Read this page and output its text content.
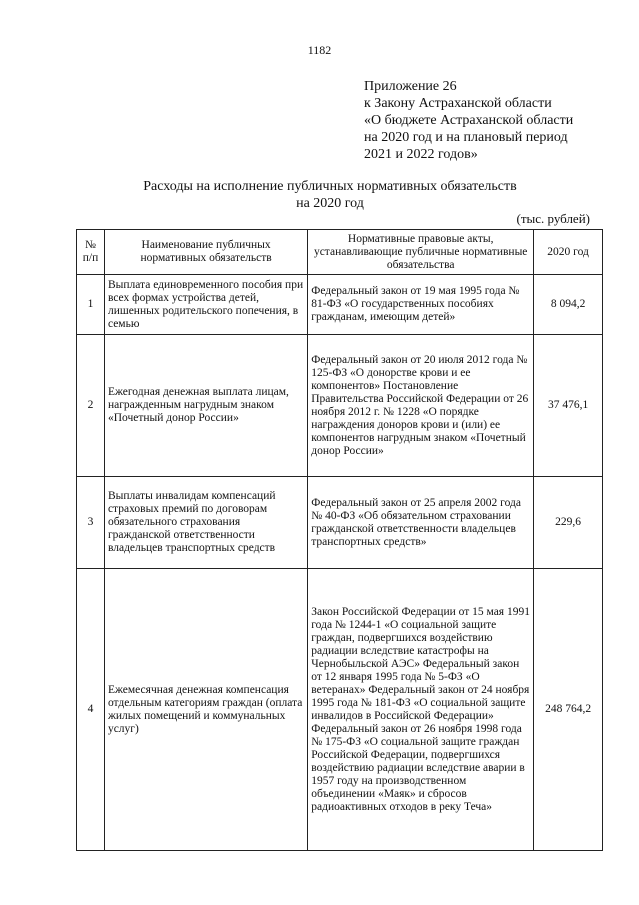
1182
Приложение 26
к Закону Астраханской области
«О бюджете Астраханской области
на 2020 год и на плановый период
2021 и 2022 годов»
Расходы на исполнение публичных нормативных обязательств
на 2020 год
(тыс. рублей)
№ п/п	Наименование публичных нормативных обязательств	Нормативные правовые акты, устанавливающие публичные нормативные обязательства	2020 год
1	Выплата единовременного пособия при всех формах устройства детей, лишенных родительского попечения, в семью	Федеральный закон от 19 мая 1995 года № 81-ФЗ «О государственных пособиях гражданам, имеющим детей»	8 094,2
2	Ежегодная денежная выплата лицам, награжденным нагрудным знаком «Почетный донор России»	Федеральный закон от 20 июля 2012 года № 125-ФЗ «О донорстве крови и ее компонентов» Постановление Правительства Российской Федерации от 26 ноября 2012 г. № 1228 «О порядке награждения доноров крови и (или) ее компонентов нагрудным знаком «Почетный донор России»	37 476,1
3	Выплаты инвалидам компенсаций страховых премий по договорам обязательного страхования гражданской ответственности владельцев транспортных средств	Федеральный закон от 25 апреля 2002 года № 40-ФЗ «Об обязательном страховании гражданской ответственности владельцев транспортных средств»	229,6
4	Ежемесячная денежная компенсация отдельным категориям граждан (оплата жилых помещений и коммунальных услуг)	Закон Российской Федерации от 15 мая 1991 года № 1244-1 «О социальной защите граждан, подвергшихся воздействию радиации вследствие катастрофы на Чернобыльской АЭС» Федеральный закон от 12 января 1995 года № 5-ФЗ «О ветеранах» Федеральный закон от 24 ноября 1995 года № 181-ФЗ «О социальной защите инвалидов в Российской Федерации» Федеральный закон от 26 ноября 1998 года № 175-ФЗ «О социальной защите граждан Российской Федерации, подвергшихся воздействию радиации вследствие аварии в 1957 году на производственном объединении «Маяк» и сбросов радиоактивных отходов в реку Теча»	248 764,2
